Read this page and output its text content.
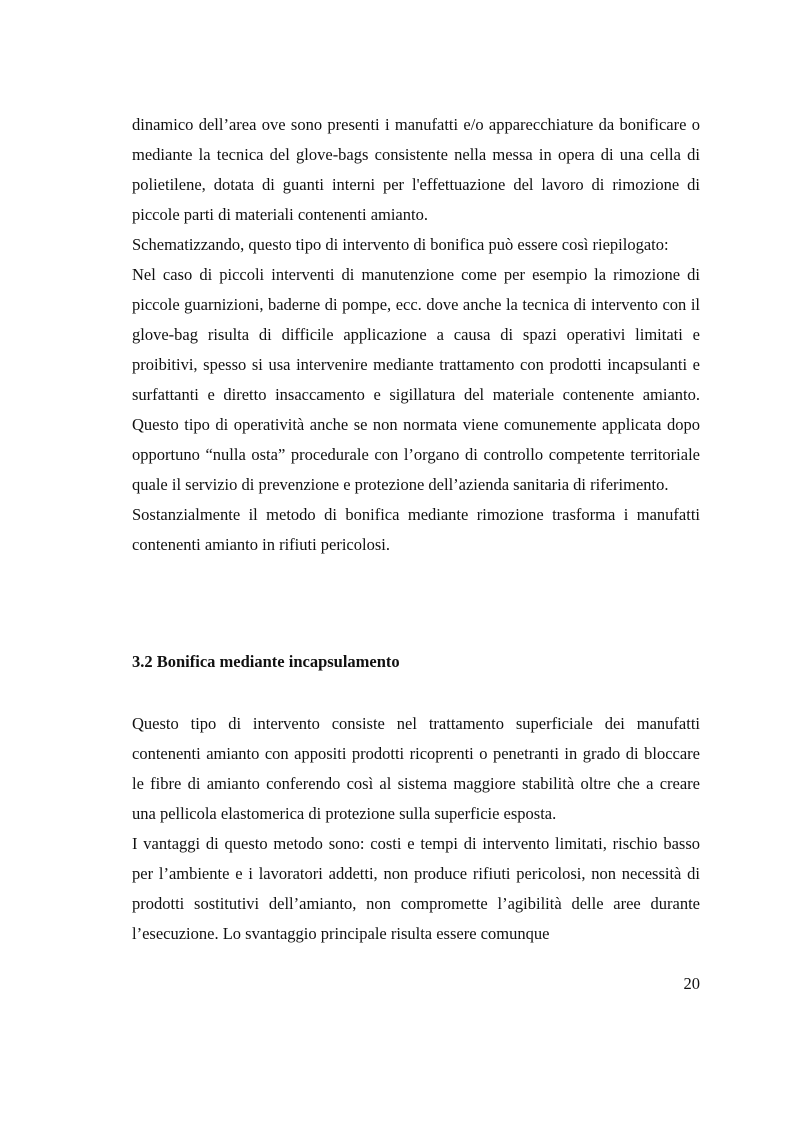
dinamico dell’area ove sono presenti i manufatti e/o apparecchiature da bonificare o mediante la tecnica del glove-bags consistente nella messa in opera di una cella di polietilene, dotata di guanti interni per l'effettuazione del lavoro di rimozione di piccole parti di materiali contenenti amianto.

Schematizzando, questo tipo di intervento di bonifica può essere così riepilogato:

Nel caso di piccoli interventi di manutenzione come per esempio la rimozione di piccole guarnizioni, baderne di pompe, ecc. dove anche la tecnica di intervento con il glove-bag risulta di difficile applicazione a causa di spazi operativi limitati e proibitivi, spesso si usa intervenire mediante trattamento con prodotti incapsulanti e surfattanti e diretto insaccamento e sigillatura del materiale contenente amianto. Questo tipo di operatività anche se non normata viene comunemente applicata dopo opportuno “nulla osta” procedurale con l’organo di controllo competente territoriale quale il servizio di prevenzione e protezione dell’azienda sanitaria di riferimento.

Sostanzialmente il metodo di bonifica mediante rimozione trasforma i manufatti contenenti amianto in rifiuti pericolosi.

3.2 Bonifica mediante incapsulamento

Questo tipo di intervento consiste nel trattamento superficiale dei manufatti contenenti amianto con appositi prodotti ricoprenti o penetranti in grado di bloccare le fibre di amianto conferendo così al sistema maggiore stabilità oltre che a creare una pellicola elastomerica di protezione sulla superficie esposta.

I vantaggi di questo metodo sono: costi e tempi di intervento limitati, rischio basso per l’ambiente e i lavoratori addetti, non produce rifiuti pericolosi, non necessità di prodotti sostitutivi dell’amianto, non compromette l’agibilità delle aree durante l’esecuzione. Lo svantaggio principale risulta essere comunque

20
